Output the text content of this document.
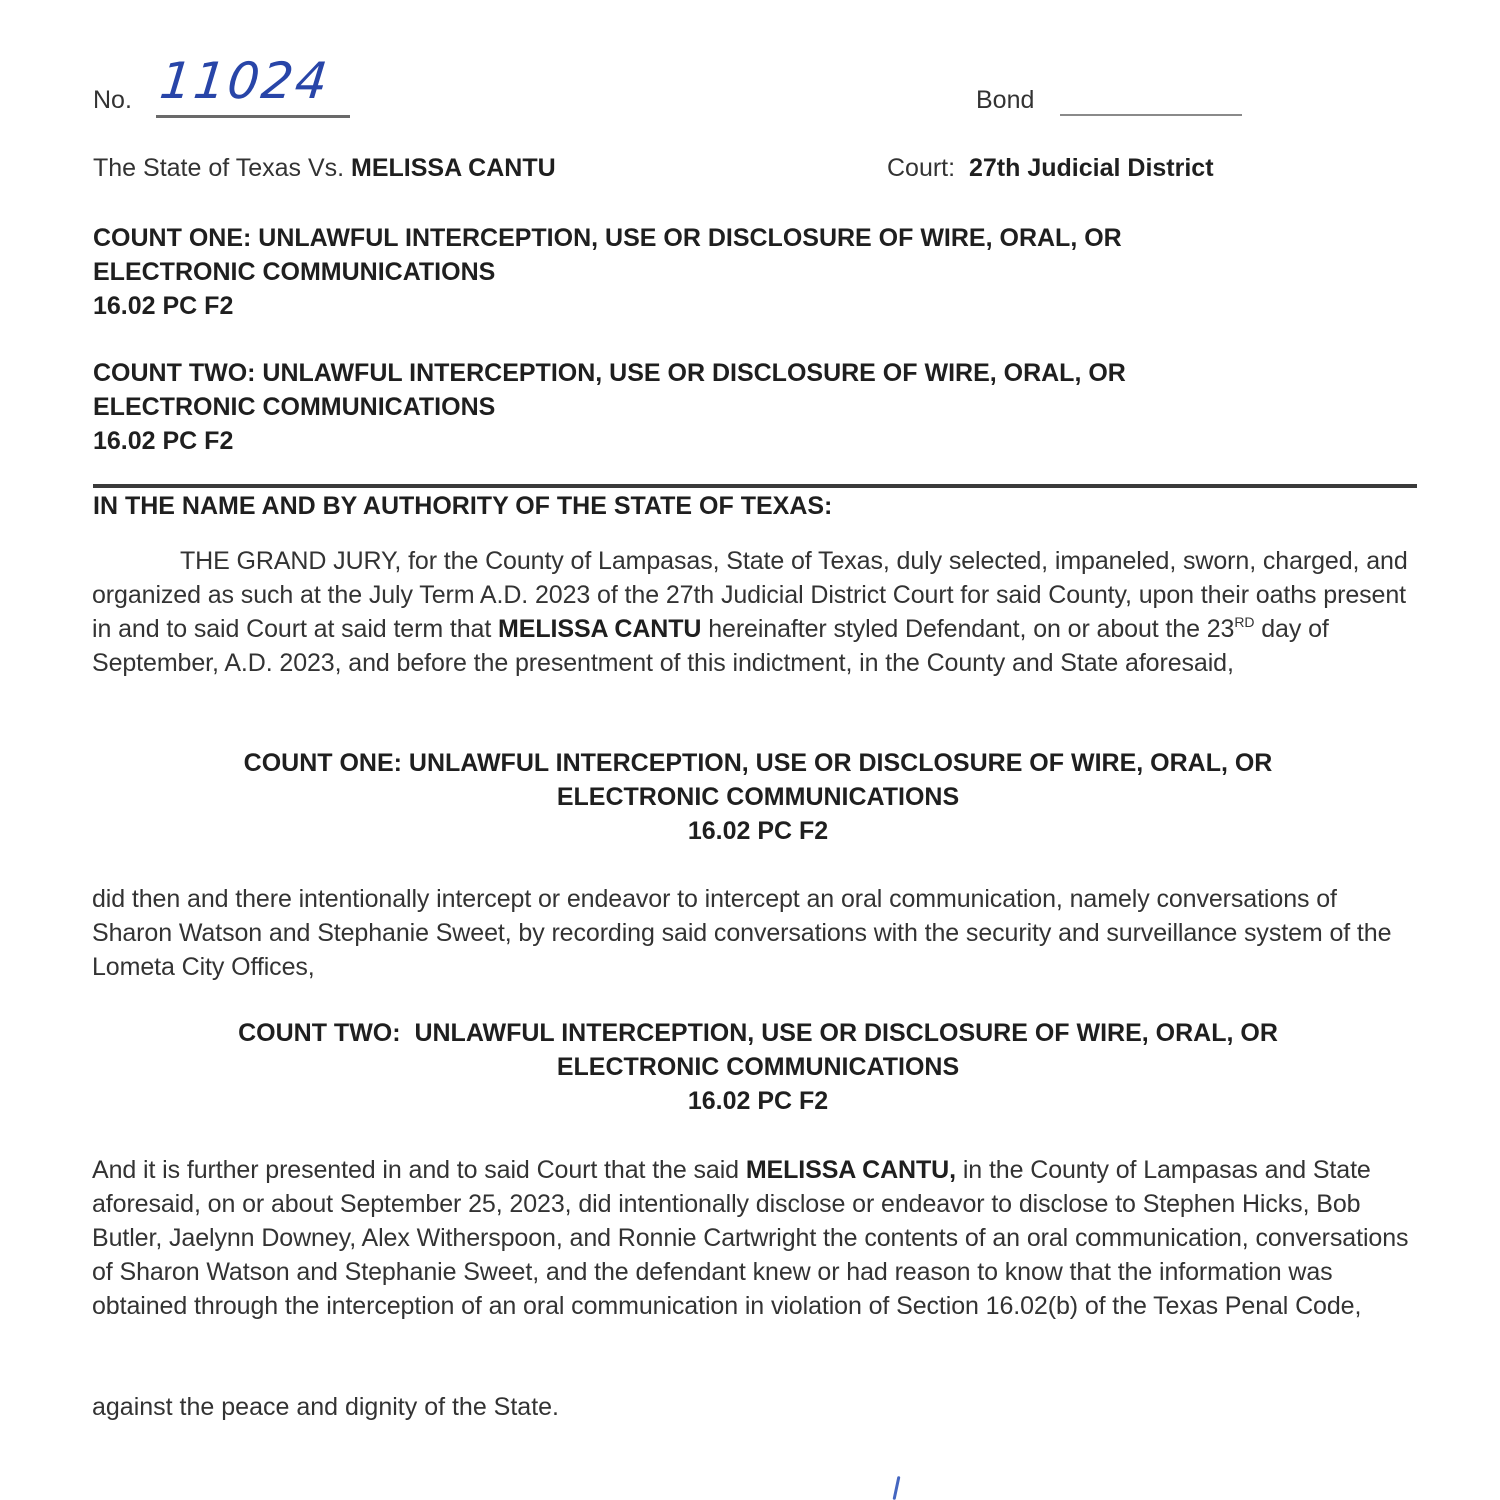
No. 11024	Bond
The State of Texas Vs. MELISSA CANTU	Court: 27th Judicial District
COUNT ONE: UNLAWFUL INTERCEPTION, USE OR DISCLOSURE OF WIRE, ORAL, OR
ELECTRONIC COMMUNICATIONS
16.02 PC F2
COUNT TWO: UNLAWFUL INTERCEPTION, USE OR DISCLOSURE OF WIRE, ORAL, OR
ELECTRONIC COMMUNICATIONS
16.02 PC F2
IN THE NAME AND BY AUTHORITY OF THE STATE OF TEXAS:

THE GRAND JURY, for the County of Lampasas, State of Texas, duly selected, impaneled, sworn, charged, and organized as such at the July Term A.D. 2023 of the 27th Judicial District Court for said County, upon their oaths present in and to said Court at said term that MELISSA CANTU hereinafter styled Defendant, on or about the 23RD day of September, A.D. 2023, and before the presentment of this indictment, in the County and State aforesaid,

COUNT ONE: UNLAWFUL INTERCEPTION, USE OR DISCLOSURE OF WIRE, ORAL, OR
ELECTRONIC COMMUNICATIONS
16.02 PC F2
did then and there intentionally intercept or endeavor to intercept an oral communication, namely conversations of Sharon Watson and Stephanie Sweet, by recording said conversations with the security and surveillance system of the Lometa City Offices,
COUNT TWO:  UNLAWFUL INTERCEPTION, USE OR DISCLOSURE OF WIRE, ORAL, OR
ELECTRONIC COMMUNICATIONS
16.02 PC F2
And it is further presented in and to said Court that the said MELISSA CANTU, in the County of Lampasas and State aforesaid, on or about September 25, 2023, did intentionally disclose or endeavor to disclose to Stephen Hicks, Bob Butler, Jaelynn Downey, Alex Witherspoon, and Ronnie Cartwright the contents of an oral communication, conversations of Sharon Watson and Stephanie Sweet, and the defendant knew or had reason to know that the information was obtained through the interception of an oral communication in violation of Section 16.02(b) of the Texas Penal Code,
against the peace and dignity of the State.
